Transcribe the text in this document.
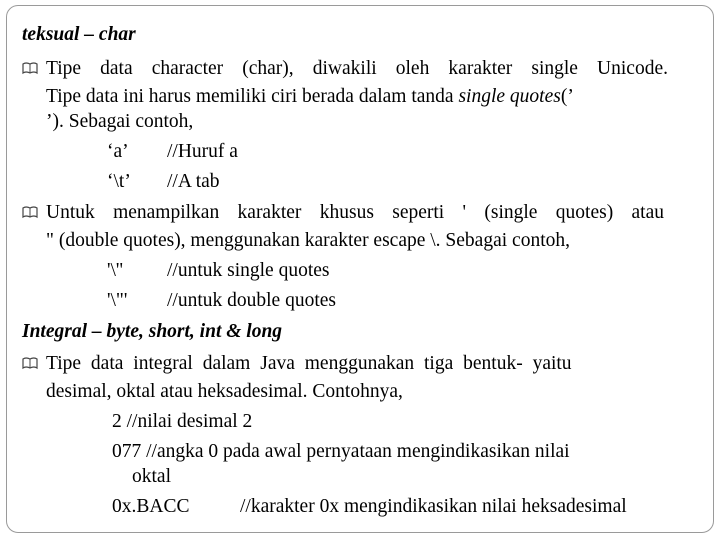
teksual – char
Tipe data character (char), diwakili oleh karakter single Unicode.
Tipe data ini harus memiliki ciri berada dalam tanda single quotes(’
’). Sebagai contoh,
‘a’ //Huruf a
‘\t’ //A tab
Untuk menampilkan karakter khusus seperti ' (single quotes) atau
" (double quotes), menggunakan karakter escape \. Sebagai contoh,
'\'' //untuk single quotes
'\"' //untuk double quotes
Integral – byte, short, int & long
Tipe data integral dalam Java menggunakan tiga bentuk- yaitu
desimal, oktal atau heksadesimal. Contohnya,
2 //nilai desimal 2
077 //angka 0 pada awal pernyataan mengindikasikan nilai
oktal
0x.BACC	//karakter 0x mengindikasikan nilai heksadesimal
